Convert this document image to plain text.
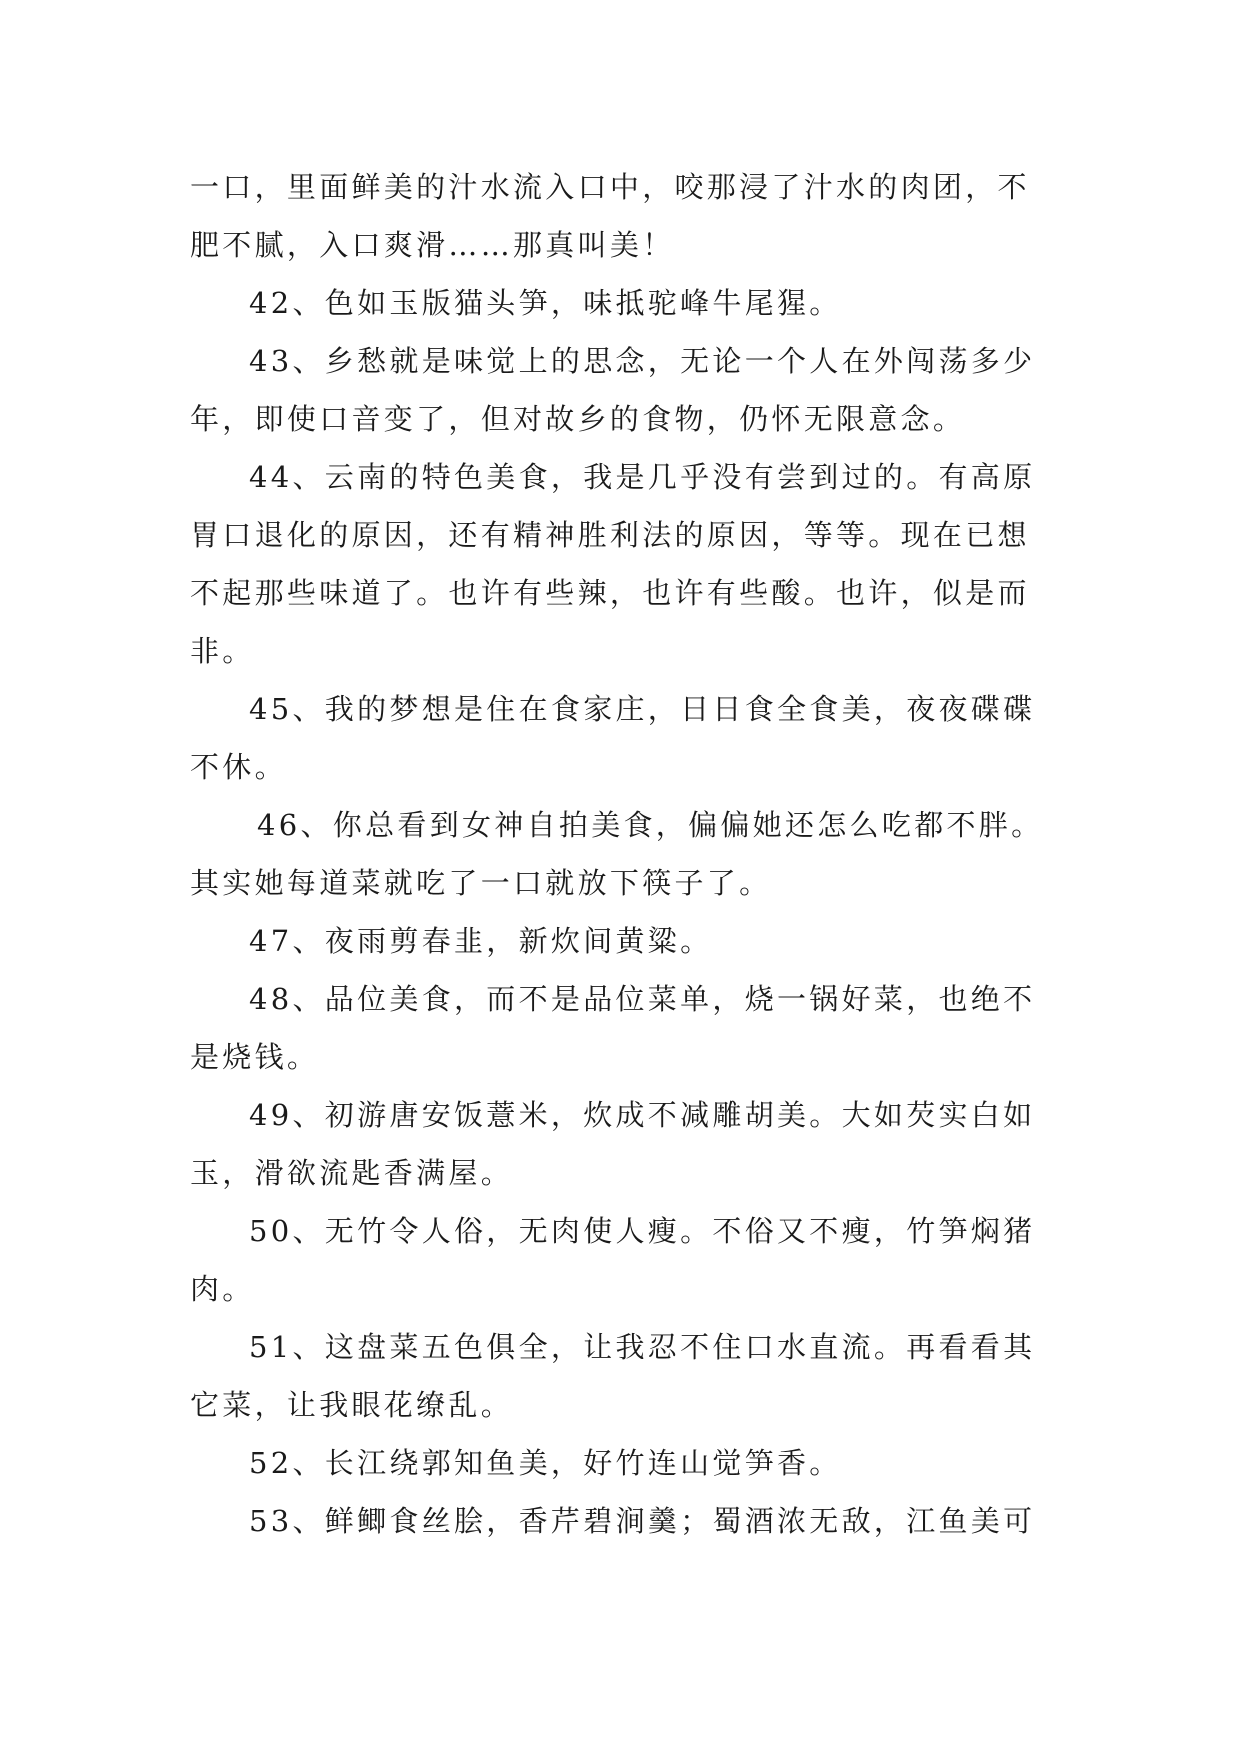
一口，里面鲜美的汁水流入口中，咬那浸了汁水的肉团，不
肥不腻，入口爽滑……那真叫美！
42、色如玉版猫头笋，味抵驼峰牛尾猩。
43、乡愁就是味觉上的思念，无论一个人在外闯荡多少
年，即使口音变了，但对故乡的食物，仍怀无限意念。
44、云南的特色美食，我是几乎没有尝到过的。有高原
胃口退化的原因，还有精神胜利法的原因，等等。现在已想
不起那些味道了。也许有些辣，也许有些酸。也许，似是而
非。
45、我的梦想是住在食家庄，日日食全食美，夜夜碟碟
不休。
46、你总看到女神自拍美食，偏偏她还怎么吃都不胖。
其实她每道菜就吃了一口就放下筷子了。
47、夜雨剪春韭，新炊间黄粱。
48、品位美食，而不是品位菜单，烧一锅好菜，也绝不
是烧钱。
49、初游唐安饭薏米，炊成不减雕胡美。大如芡实白如
玉，滑欲流匙香满屋。
50、无竹令人俗，无肉使人瘦。不俗又不瘦，竹笋焖猪
肉。
51、这盘菜五色俱全，让我忍不住口水直流。再看看其
它菜，让我眼花缭乱。
52、长江绕郭知鱼美，好竹连山觉笋香。
53、鲜鲫食丝脍，香芹碧涧羹；蜀酒浓无敌，江鱼美可
